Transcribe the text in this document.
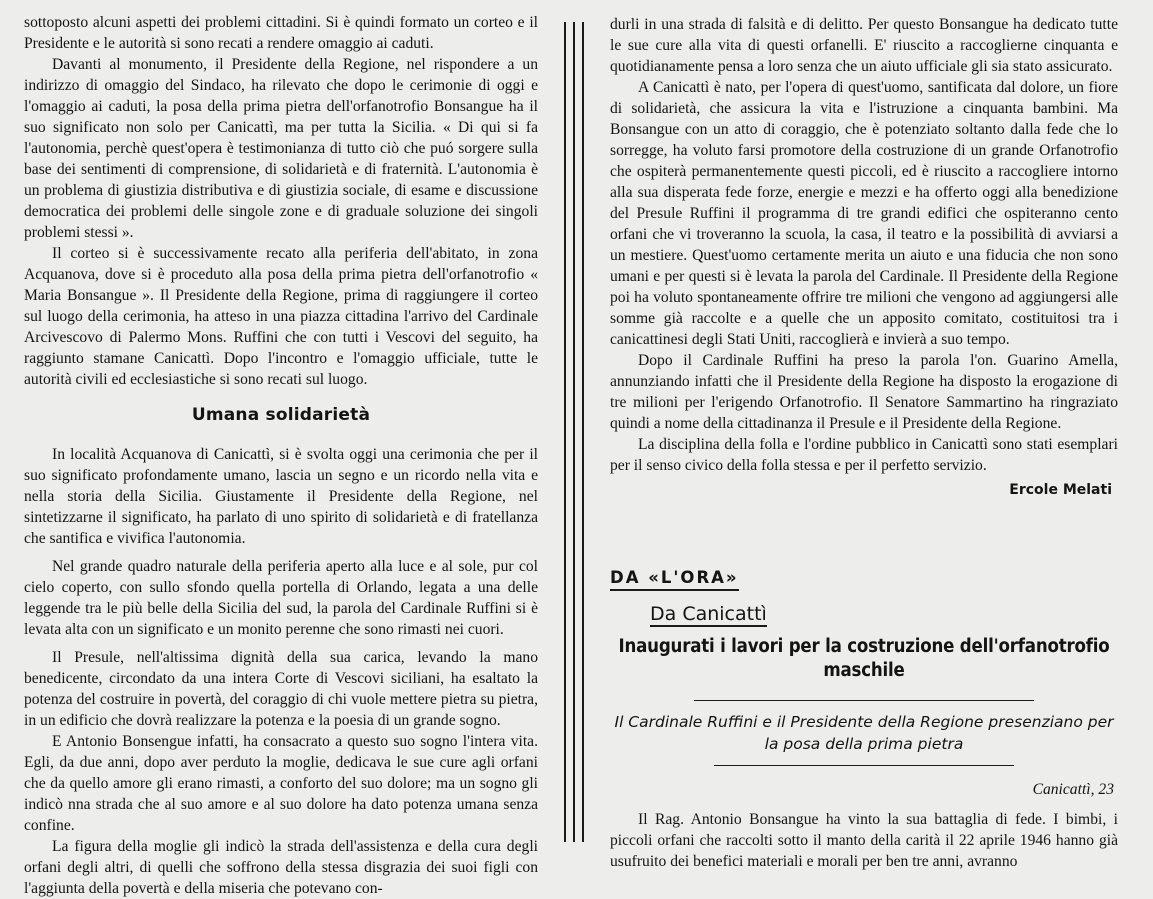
sottoposto alcuni aspetti dei problemi cittadini. Si è quindi formato un corteo e il Presidente e le autorità si sono recati a rendere omaggio ai caduti.

Davanti al monumento, il Presidente della Regione, nel rispondere a un indirizzo di omaggio del Sindaco, ha rilevato che dopo le cerimonie di oggi e l'omaggio ai caduti, la posa della prima pietra dell'orfanotrofio Bonsangue ha il suo significato non solo per Canicattì, ma per tutta la Sicilia. « Di qui si fa l'autonomia, perchè quest'opera è testimonianza di tutto ciò che puó sorgere sulla base dei sentimenti di comprensione, di solidarietà e di fraternità. L'autonomia è un problema di giustizia distributiva e di giustizia sociale, di esame e discussione democratica dei problemi delle singole zone e di graduale soluzione dei singoli problemi stessi ».

Il corteo si è successivamente recato alla periferia dell'abitato, in zona Acquanova, dove si è proceduto alla posa della prima pietra dell'orfanotrofio « Maria Bonsangue ». Il Presidente della Regione, prima di raggiungere il corteo sul luogo della cerimonia, ha atteso in una piazza cittadina l'arrivo del Cardinale Arcivescovo di Palermo Mons. Ruffini che con tutti i Vescovi del seguito, ha raggiunto stamane Canicattì. Dopo l'incontro e l'omaggio ufficiale, tutte le autorità civili ed ecclesiastiche si sono recati sul luogo.

Umana solidarietà

In località Acquanova di Canicattì, si è svolta oggi una cerimonia che per il suo significato profondamente umano, lascia un segno e un ricordo nella vita e nella storia della Sicilia. Giustamente il Presidente della Regione, nel sintetizzarne il significato, ha parlato di uno spirito di solidarietà e di fratellanza che santifica e vivifica l'autonomia.

Nel grande quadro naturale della periferia aperto alla luce e al sole, pur col cielo coperto, con sullo sfondo quella portella di Orlando, legata a una delle leggende tra le più belle della Sicilia del sud, la parola del Cardinale Ruffini si è levata alta con un significato e un monito perenne che sono rimasti nei cuori.

Il Presule, nell'altissima dignità della sua carica, levando la mano benedicente, circondato da una intera Corte di Vescovi siciliani, ha esaltato la potenza del costruire in povertà, del coraggio di chi vuole mettere pietra su pietra, in un edificio che dovrà realizzare la potenza e la poesia di un grande sogno.

E Antonio Bonsengue infatti, ha consacrato a questo suo sogno l'intera vita. Egli, da due anni, dopo aver perduto la moglie, dedicava le sue cure agli orfani che da quello amore gli erano rimasti, a conforto del suo dolore; ma un sogno gli indicò nna strada che al suo amore e al suo dolore ha dato potenza umana senza confine.

La figura della moglie gli indicò la strada dell'assistenza e della cura degli orfani degli altri, di quelli che soffrono della stessa disgrazia dei suoi figli con l'aggiunta della povertà e della miseria che potevano con-

durli in una strada di falsità e di delitto. Per questo Bonsangue ha dedicato tutte le sue cure alla vita di questi orfanelli. E' riuscito a raccoglierne cinquanta e quotidianamente pensa a loro senza che un aiuto ufficiale gli sia stato assicurato.

A Canicattì è nato, per l'opera di quest'uomo, santificata dal dolore, un fiore di solidarietà, che assicura la vita e l'istruzione a cinquanta bambini. Ma Bonsangue con un atto di coraggio, che è potenziato soltanto dalla fede che lo sorregge, ha voluto farsi promotore della costruzione di un grande Orfanotrofio che ospiterà permanentemente questi piccoli, ed è riuscito a raccogliere intorno alla sua disperata fede forze, energie e mezzi e ha offerto oggi alla benedizione del Presule Ruffini il programma di tre grandi edifici che ospiteranno cento orfani che vi troveranno la scuola, la casa, il teatro e la possibilità di avviarsi a un mestiere. Quest'uomo certamente merita un aiuto e una fiducia che non sono umani e per questi si è levata la parola del Cardinale. Il Presidente della Regione poi ha voluto spontaneamente offrire tre milioni che vengono ad aggiungersi alle somme già raccolte e a quelle che un apposito comitato, costituitosi tra i canicattinesi degli Stati Uniti, raccoglierà e invierà a suo tempo.

Dopo il Cardinale Ruffini ha preso la parola l'on. Guarino Amella, annunziando infatti che il Presidente della Regione ha disposto la erogazione di tre milioni per l'erigendo Orfanotrofio. Il Senatore Sammartino ha ringraziato quindi a nome della cittadinanza il Presule e il Presidente della Regione.

La disciplina della folla e l'ordine pubblico in Canicattì sono stati esemplari per il senso civico della folla stessa e per il perfetto servizio.

Ercole Melati
DA «L'ORA»
Da Canicattì
Inaugurati i lavori per la costruzione dell'orfanotrofio maschile
Il Cardinale Ruffini e il Presidente della Regione presenziano per la posa della prima pietra
Canicattì, 23

Il Rag. Antonio Bonsangue ha vinto la sua battaglia di fede. I bimbi, i piccoli orfani che raccolti sotto il manto della carità il 22 aprile 1946 hanno già usufruito dei benefici materiali e morali per ben tre anni, avranno
